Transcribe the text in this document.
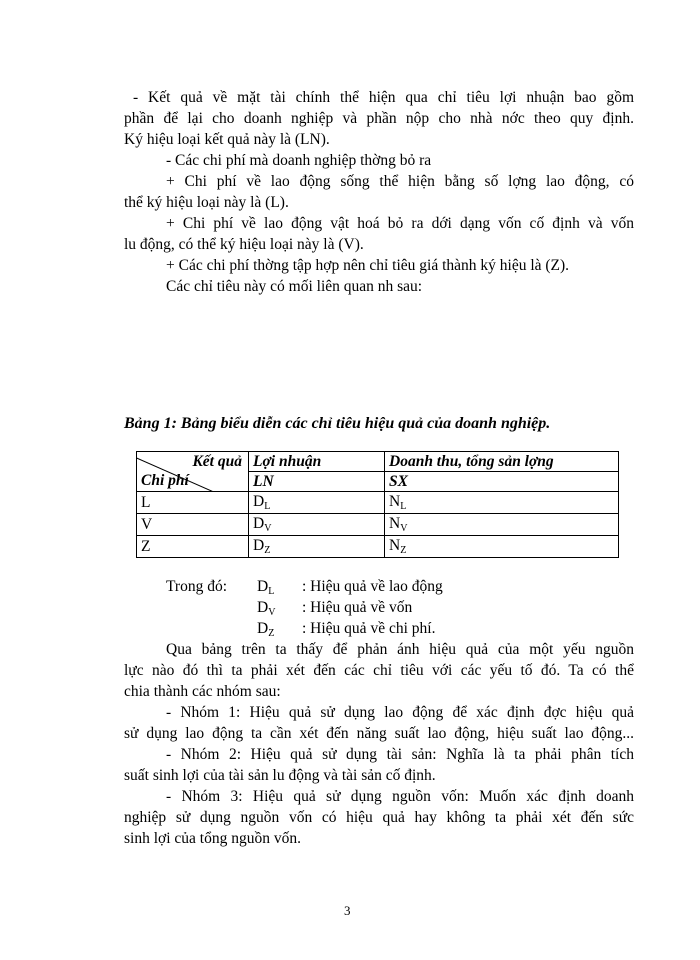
- Kết quả về mặt tài chính thể hiện qua chỉ tiêu lợi nhuận bao gồm
phần để lại cho doanh nghiệp và phần nộp cho nhà nớc theo quy định.
Ký hiệu loại kết quả này là (LN).
- Các chi phí mà doanh nghiệp thờng bỏ ra
+ Chi phí về lao động sống thể hiện bằng số lợng lao động, có
thể ký hiệu loại này là (L).
+ Chi phí về lao động vật hoá bỏ ra dới dạng vốn cố định và vốn
lu động, có thể ký hiệu loại này là (V).
+ Các chi phí thờng tập hợp nên chỉ tiêu giá thành ký hiệu là (Z).
Các chỉ tiêu này có mối liên quan nh sau:
Bảng 1: Bảng biểu diễn các chỉ tiêu hiệu quả của doanh nghiệp.
Kết quả
Chi phí	Lợi nhuận	Doanh thu, tổng sản lợng
	LN	SX
L	$D_L$	$N_L$
V	$D_V$	$N_V$
Z	$D_Z$	$N_Z$
Trong đó: $D_L$ : Hiệu quả về lao động
$D_V$ : Hiệu quả về vốn
$D_Z$ : Hiệu quả về chi phí.
Qua bảng trên ta thấy để phản ánh hiệu quả của một yếu nguồn
lực nào đó thì ta phải xét đến các chỉ tiêu với các yếu tố đó. Ta có thể
chia thành các nhóm sau:
- Nhóm 1: Hiệu quả sử dụng lao động để xác định đợc hiệu quả
sử dụng lao động ta cần xét đến năng suất lao động, hiệu suất lao động...
- Nhóm 2: Hiệu quả sử dụng tài sản: Nghĩa là ta phải phân tích
suất sinh lợi của tài sản lu động và tài sản cố định.
- Nhóm 3: Hiệu quả sử dụng nguồn vốn: Muốn xác định doanh
nghiệp sử dụng nguồn vốn có hiệu quả hay không ta phải xét đến sức
sinh lợi của tổng nguồn vốn.
3
